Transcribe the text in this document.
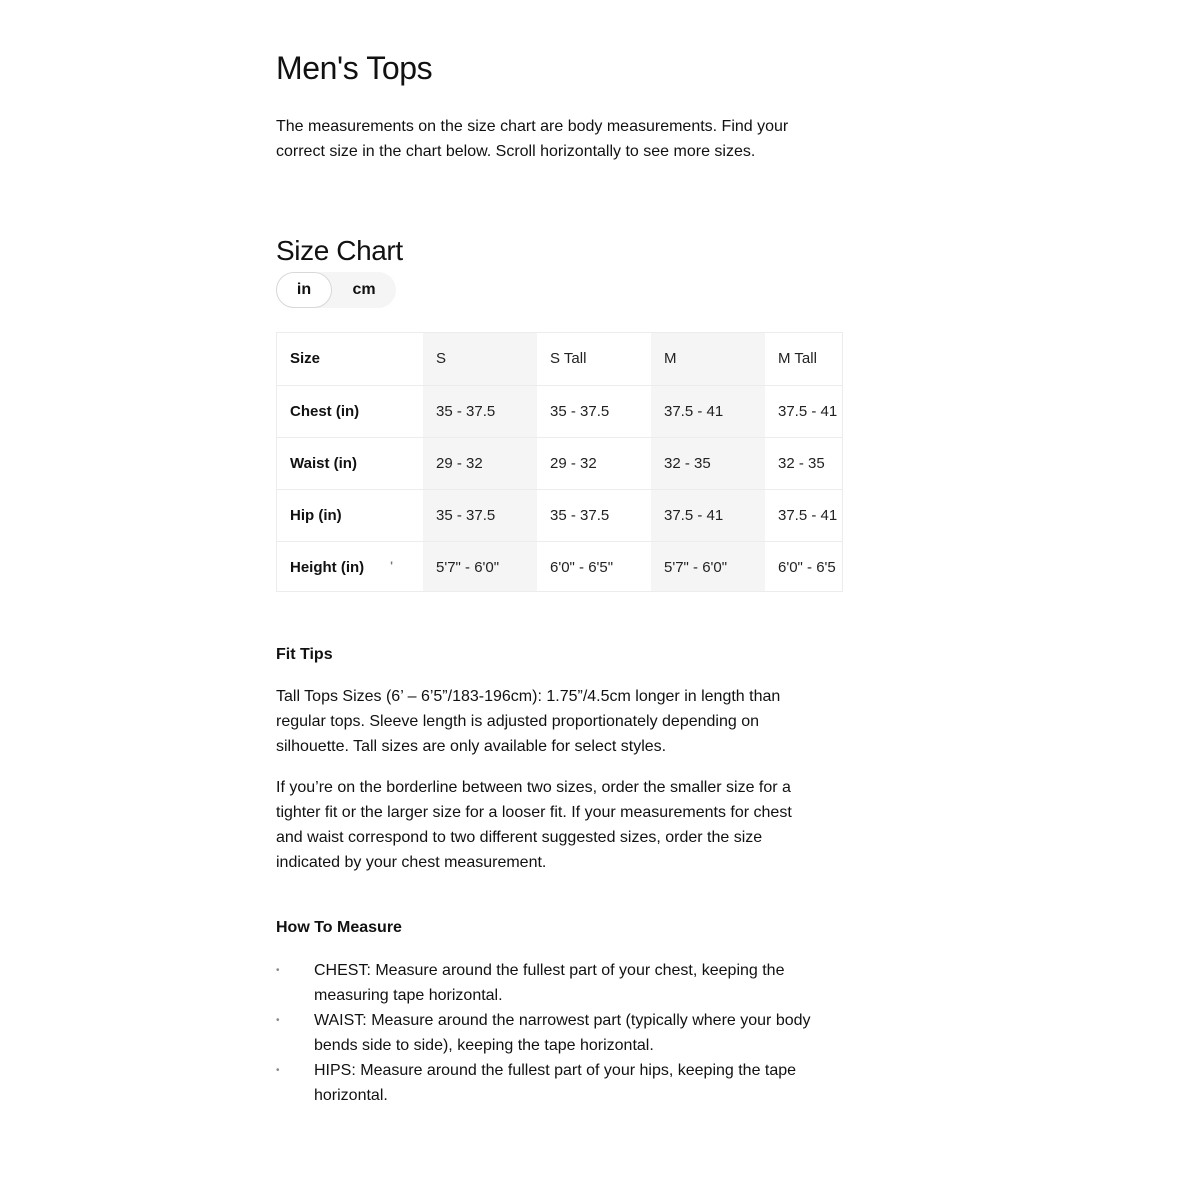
Men's Tops

The measurements on the size chart are body measurements. Find your correct size in the chart below. Scroll horizontally to see more sizes.

Size Chart
in	cm
Size	S	S Tall	M	M Tall
Chest (in)	35 - 37.5	35 - 37.5	37.5 - 41	37.5 - 41
Waist (in)	29 - 32	29 - 32	32 - 35	32 - 35
Hip (in)	35 - 37.5	35 - 37.5	37.5 - 41	37.5 - 41
Height (in) '	5'7" - 6'0"	6'0" - 6'5"	5'7" - 6'0"	6'0" - 6'5
Fit Tips

Tall Tops Sizes (6’ – 6’5”/183-196cm): 1.75”/4.5cm longer in length than regular tops. Sleeve length is adjusted proportionately depending on silhouette. Tall sizes are only available for select styles.

If you’re on the borderline between two sizes, order the smaller size for a tighter fit or the larger size for a looser fit. If your measurements for chest and waist correspond to two different suggested sizes, order the size indicated by your chest measurement.

How To Measure
• CHEST: Measure around the fullest part of your chest, keeping the measuring tape horizontal.
• WAIST: Measure around the narrowest part (typically where your body bends side to side), keeping the tape horizontal.
• HIPS: Measure around the fullest part of your hips, keeping the tape horizontal.
